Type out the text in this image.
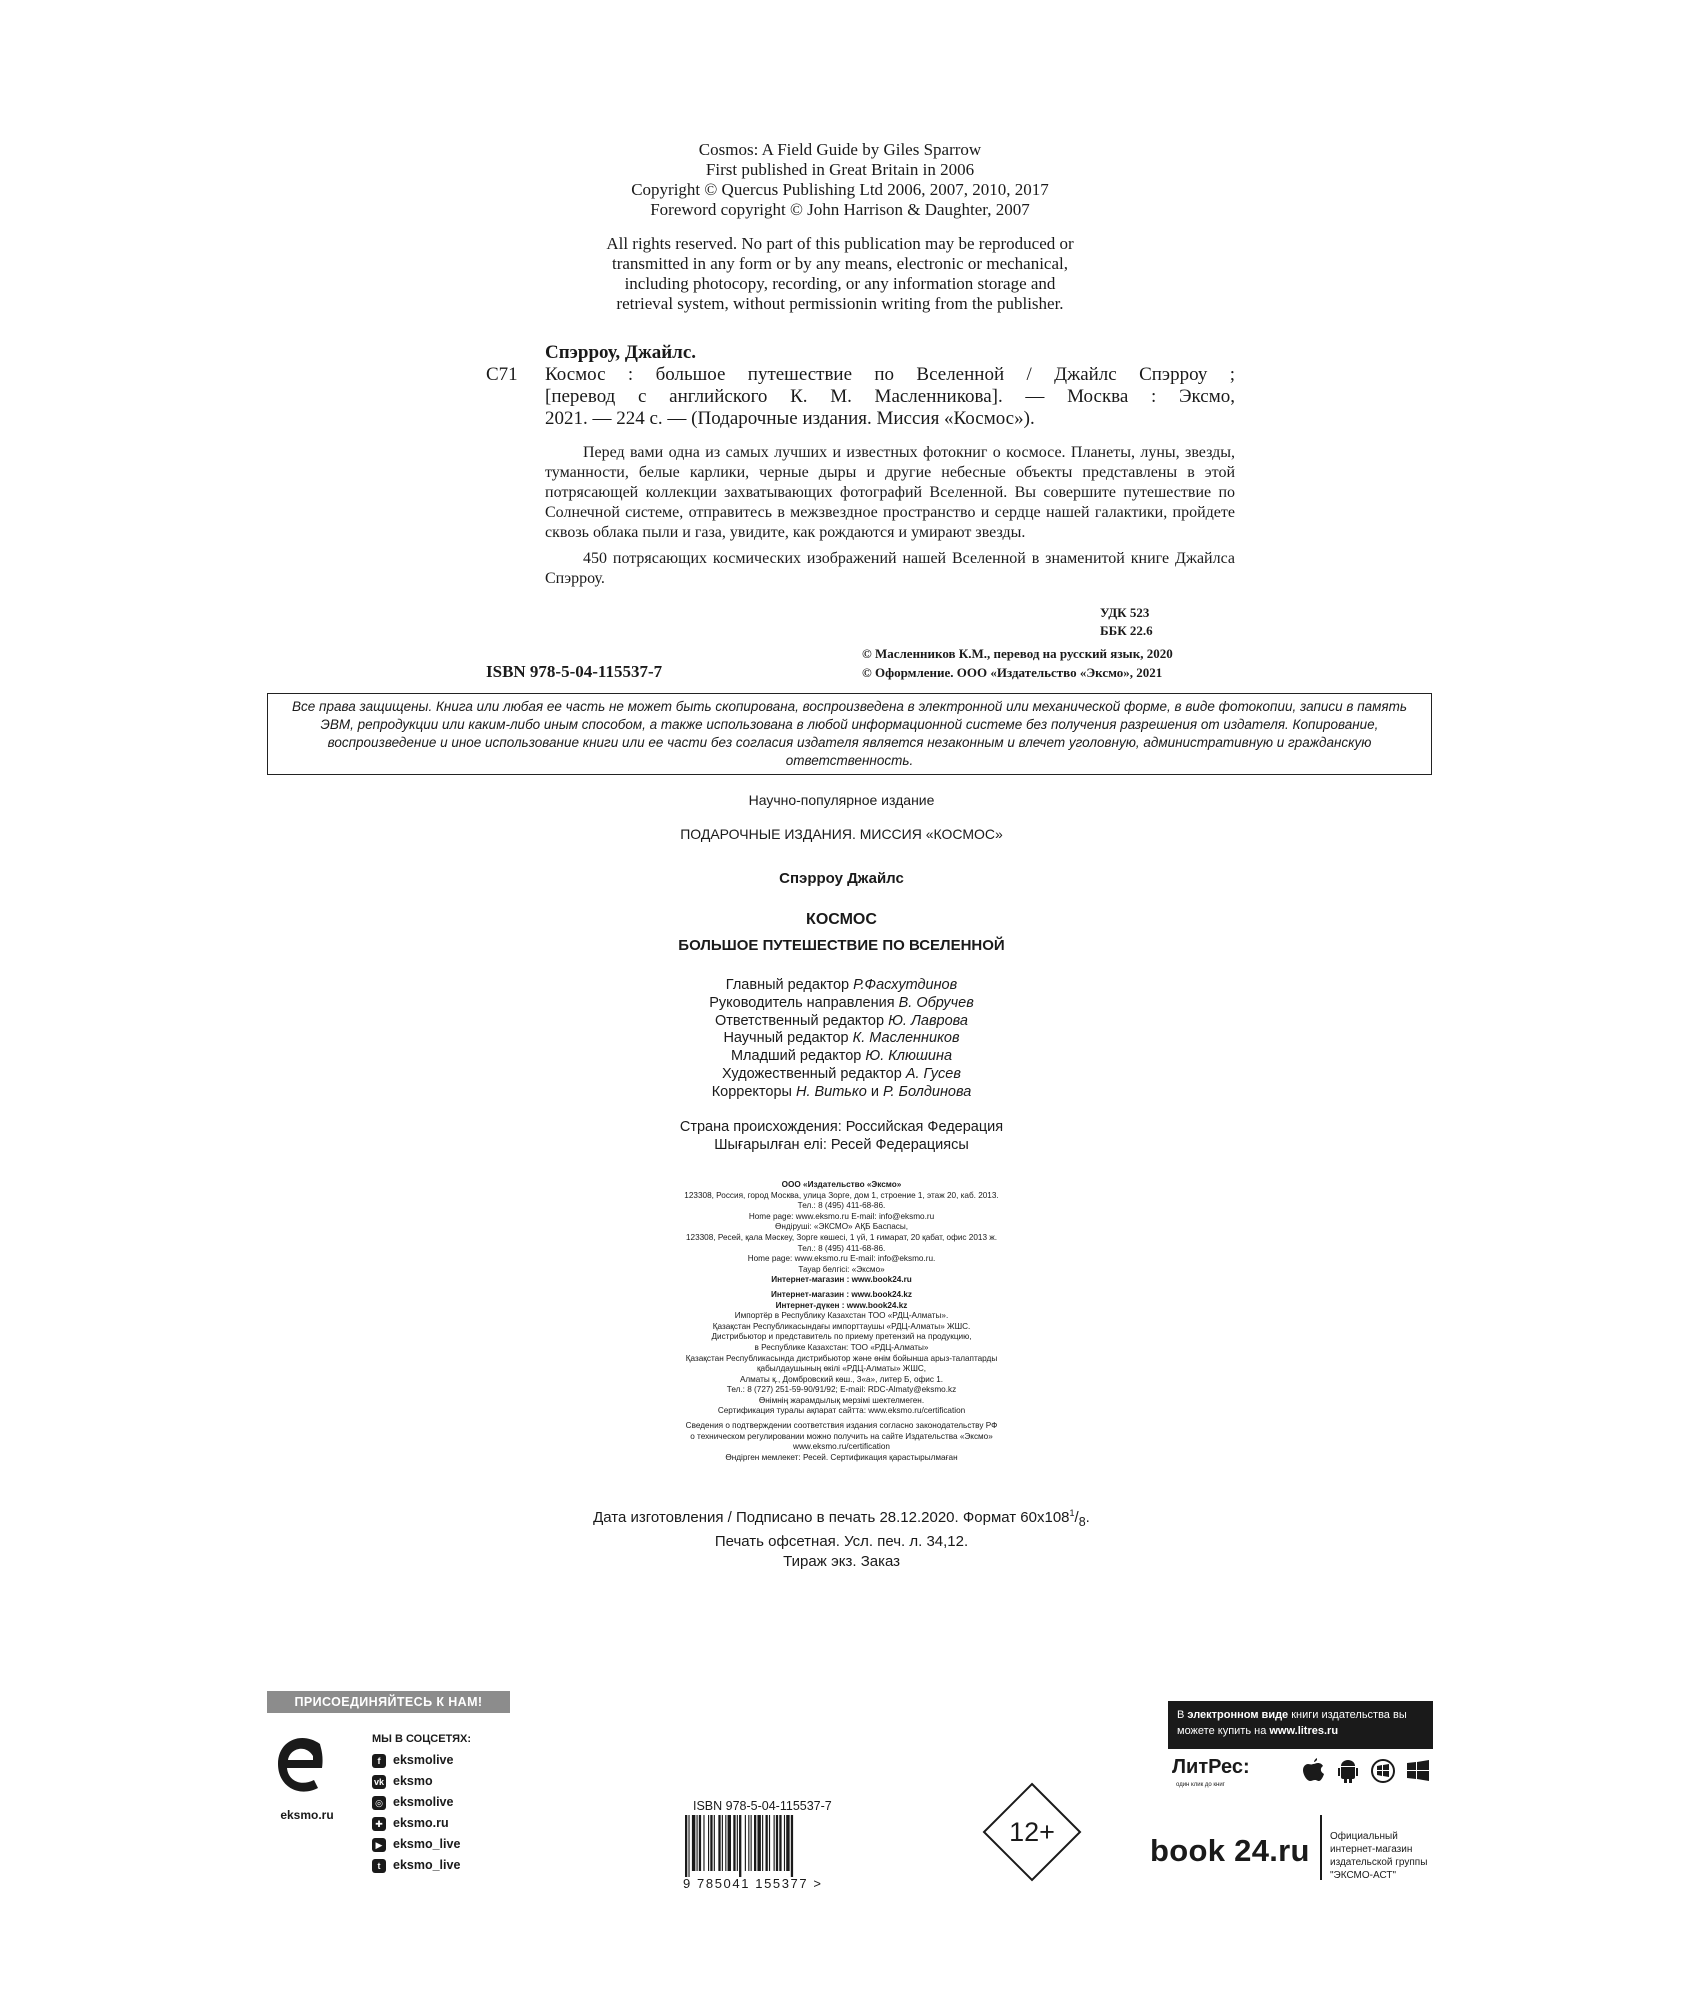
Cosmos: A Field Guide by Giles Sparrow
First published in Great Britain in 2006
Copyright © Quercus Publishing Ltd 2006, 2007, 2010, 2017
Foreword copyright © John Harrison & Daughter, 2007
All rights reserved. No part of this publication may be reproduced or
transmitted in any form or by any means, electronic or mechanical,
including photocopy, recording, or any information storage and
retrieval system, without permissionin writing from the publisher.
С71
Спэрроу, Джайлс.
Космос : большое путешествие по Вселенной / Джайлс Спэрроу ;
[перевод с английского К. М. Масленникова]. — Москва : Эксмо,
2021. — 224 с. — (Подарочные издания. Миссия «Космос»).

Перед вами одна из самых лучших и известных фотокниг о космосе. Планеты, луны, звезды, туманности, белые карлики, черные дыры и другие небесные объекты представлены в этой потрясающей коллекции захватывающих фотографий Вселенной. Вы совершите путешествие по Солнечной системе, отправитесь в межзвездное пространство и сердце нашей галактики, пройдете сквозь облака пыли и газа, увидите, как рождаются и умирают звезды.

450 потрясающих космических изображений нашей Вселенной в знаменитой книге Джайлса Спэрроу.

УДК 523
ББК 22.6
© Масленников К.М., перевод на русский язык, 2020
© Оформление. ООО «Издательство «Эксмо», 2021
ISBN 978-5-04-115537-7
Все права защищены. Книга или любая ее часть не может быть скопирована, воспроизведена в электронной или механической форме, в виде фотокопии, записи в память ЭВМ, репродукции или каким-либо иным способом, а также использована в любой информационной системе без получения разрешения от издателя. Копирование, воспроизведение и иное использование книги или ее части без согласия издателя является незаконным и влечет уголовную, административную и гражданскую ответственность.
Научно-популярное издание
ПОДАРОЧНЫЕ ИЗДАНИЯ. МИССИЯ «КОСМОС»
Спэрроу Джайлс
КОСМОС
БОЛЬШОЕ ПУТЕШЕСТВИЕ ПО ВСЕЛЕННОЙ
Главный редактор Р.Фасхутдинов
Руководитель направления В. Обручев
Ответственный редактор Ю. Лаврова
Научный редактор К. Масленников
Младший редактор Ю. Клюшина
Художественный редактор А. Гусев
Корректоры Н. Витько и Р. Болдинова
Страна происхождения: Российская Федерация
Шығарылған елі: Ресей Федерациясы
ООО «Издательство «Эксмо»
123308, Россия, город Москва, улица Зорге, дом 1, строение 1, этаж 20, каб. 2013.
Тел.: 8 (495) 411-68-86.
Home page: www.eksmo.ru E-mail: info@eksmo.ru
Өндіруші: «ЭКСМО» АҚБ Баспасы,
123308, Ресей, қала Мәскеу, Зорге көшесі, 1 үй, 1 ғимарат, 20 қабат, офис 2013 ж.
Тел.: 8 (495) 411-68-86.
Home page: www.eksmo.ru E-mail: info@eksmo.ru.
Тауар белгісі: «Эксмо»
Интернет-магазин : www.book24.ru
Интернет-магазин : www.book24.kz
Интернет-дүкен : www.book24.kz
Импортёр в Республику Казахстан ТОО «РДЦ-Алматы».
Қазақстан Республикасындағы импорттаушы «РДЦ-Алматы» ЖШС.
Дистрибьютор и представитель по приему претензий на продукцию,
в Республике Казахстан: ТОО «РДЦ-Алматы»
Қазақстан Республикасында дистрибьютор және өнім бойынша арыз-талаптарды
қабылдаушының өкілі «РДЦ-Алматы» ЖШС,
Алматы қ., Домбровский көш., 3«а», литер Б, офис 1.
Тел.: 8 (727) 251-59-90/91/92; E-mail: RDC-Almaty@eksmo.kz
Өнімнің жарамдылық мерзімі шектелмеген.
Сертификация туралы ақпарат сайтта: www.eksmo.ru/certification
Сведения о подтверждении соответствия издания согласно законодательству РФ
о техническом регулировании можно получить на сайте Издательства «Эксмо»
www.eksmo.ru/certification
Өндірген мемлекет: Ресей. Сертификация қарастырылмаған
Дата изготовления / Подписано в печать 28.12.2020. Формат $60x108^1/_8$.
Печать офсетная. Усл. печ. л. 34,12.
Тираж экз. Заказ
ПРИСОЕДИНЯЙТЕСЬ К НАМ!
eksmo.ru
МЫ В СОЦСЕТЯХ:
f	eksmolive
vk eksmo
◎ eksmolive
✚ eksmo.ru
▶ eksmo_live
t	eksmo_live
ISBN 978-5-04-115537-7
9 785041 155377 >
12+
В электронном виде книги издательства вы можете купить на www.litres.ru
ЛитРес:
один клик до книг
book 24.ru Официальный интернет-магазин издательской группы "ЭКСМО-АСТ"
